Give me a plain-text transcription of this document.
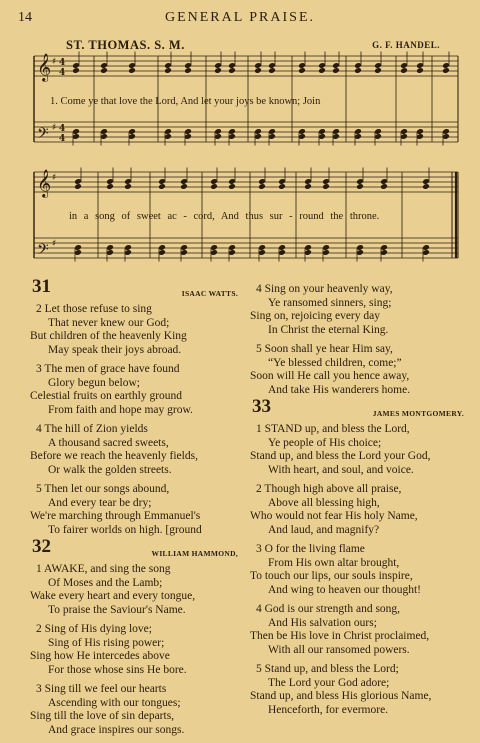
14	GENERAL PRAISE.
ST. THOMAS. S. M.	G. F. HANDEL.
𝄞 ♯
𝄢 ♯
𝄞 ♯
𝄢 ♯
4
4
4
4
1. Come ye that love the Lord, And let your joys be known; Join
in a song of sweet ac - cord, And thus sur - round the throne.
31	ISAAC WATTS.
2 Let those refuse to sing
That never knew our God;
But children of the heavenly King
May speak their joys abroad.
3 The men of grace have found
Glory begun below;
Celestial fruits on earthly ground
From faith and hope may grow.
4 The hill of Zion yields
A thousand sacred sweets,
Before we reach the heavenly fields,
Or walk the golden streets.
5 Then let our songs abound,
And every tear be dry;
We're marching through Emmanuel's
To fairer worlds on high. [ground
32	WILLIAM HAMMOND,
1 AWAKE, and sing the song
Of Moses and the Lamb;
Wake every heart and every tongue,
To praise the Saviour's Name.
2 Sing of His dying love;
Sing of His rising power;
Sing how He intercedes above
For those whose sins He bore.
3 Sing till we feel our hearts
Ascending with our tongues;
Sing till the love of sin departs,
And grace inspires our songs.
4 Sing on your heavenly way,
Ye ransomed sinners, sing;
Sing on, rejoicing every day
In Christ the eternal King.
5 Soon shall ye hear Him say,
“Ye blessed children, come;”
Soon will He call you hence away,
And take His wanderers home.
33	JAMES MONTGOMERY.
1 STAND up, and bless the Lord,
Ye people of His choice;
Stand up, and bless the Lord your God,
With heart, and soul, and voice.
2 Though high above all praise,
Above all blessing high,
Who would not fear His holy Name,
And laud, and magnify?
3 O for the living flame
From His own altar brought,
To touch our lips, our souls inspire,
And wing to heaven our thought!
4 God is our strength and song,
And His salvation ours;
Then be His love in Christ proclaimed,
With all our ransomed powers.
5 Stand up, and bless the Lord;
The Lord your God adore;
Stand up, and bless His glorious Name,
Henceforth, for evermore.
